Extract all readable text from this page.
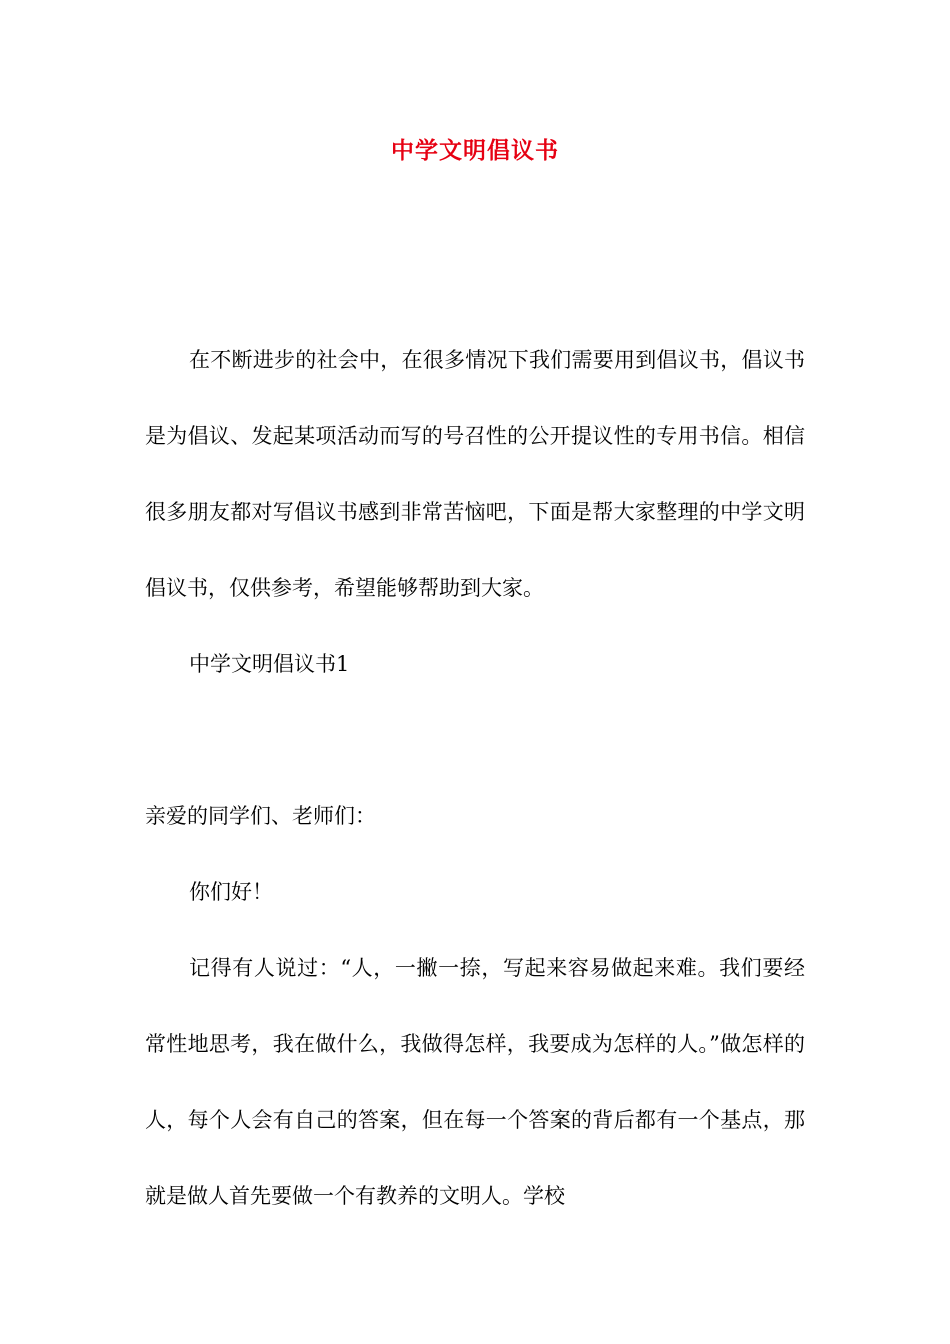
中学文明倡议书

在不断进步的社会中，在很多情况下我们需要用到倡议书，倡议书是为倡议、发起某项活动而写的号召性的公开提议性的专用书信。相信很多朋友都对写倡议书感到非常苦恼吧，下面是帮大家整理的中学文明倡议书，仅供参考，希望能够帮助到大家。

中学文明倡议书1

亲爱的同学们、老师们：

你们好！

记得有人说过：“人，一撇一捺，写起来容易做起来难。我们要经常性地思考，我在做什么，我做得怎样，我要成为怎样的人。”做怎样的人，每个人会有自己的答案，但在每一个答案的背后都有一个基点，那就是做人首先要做一个有教养的文明人。学校
